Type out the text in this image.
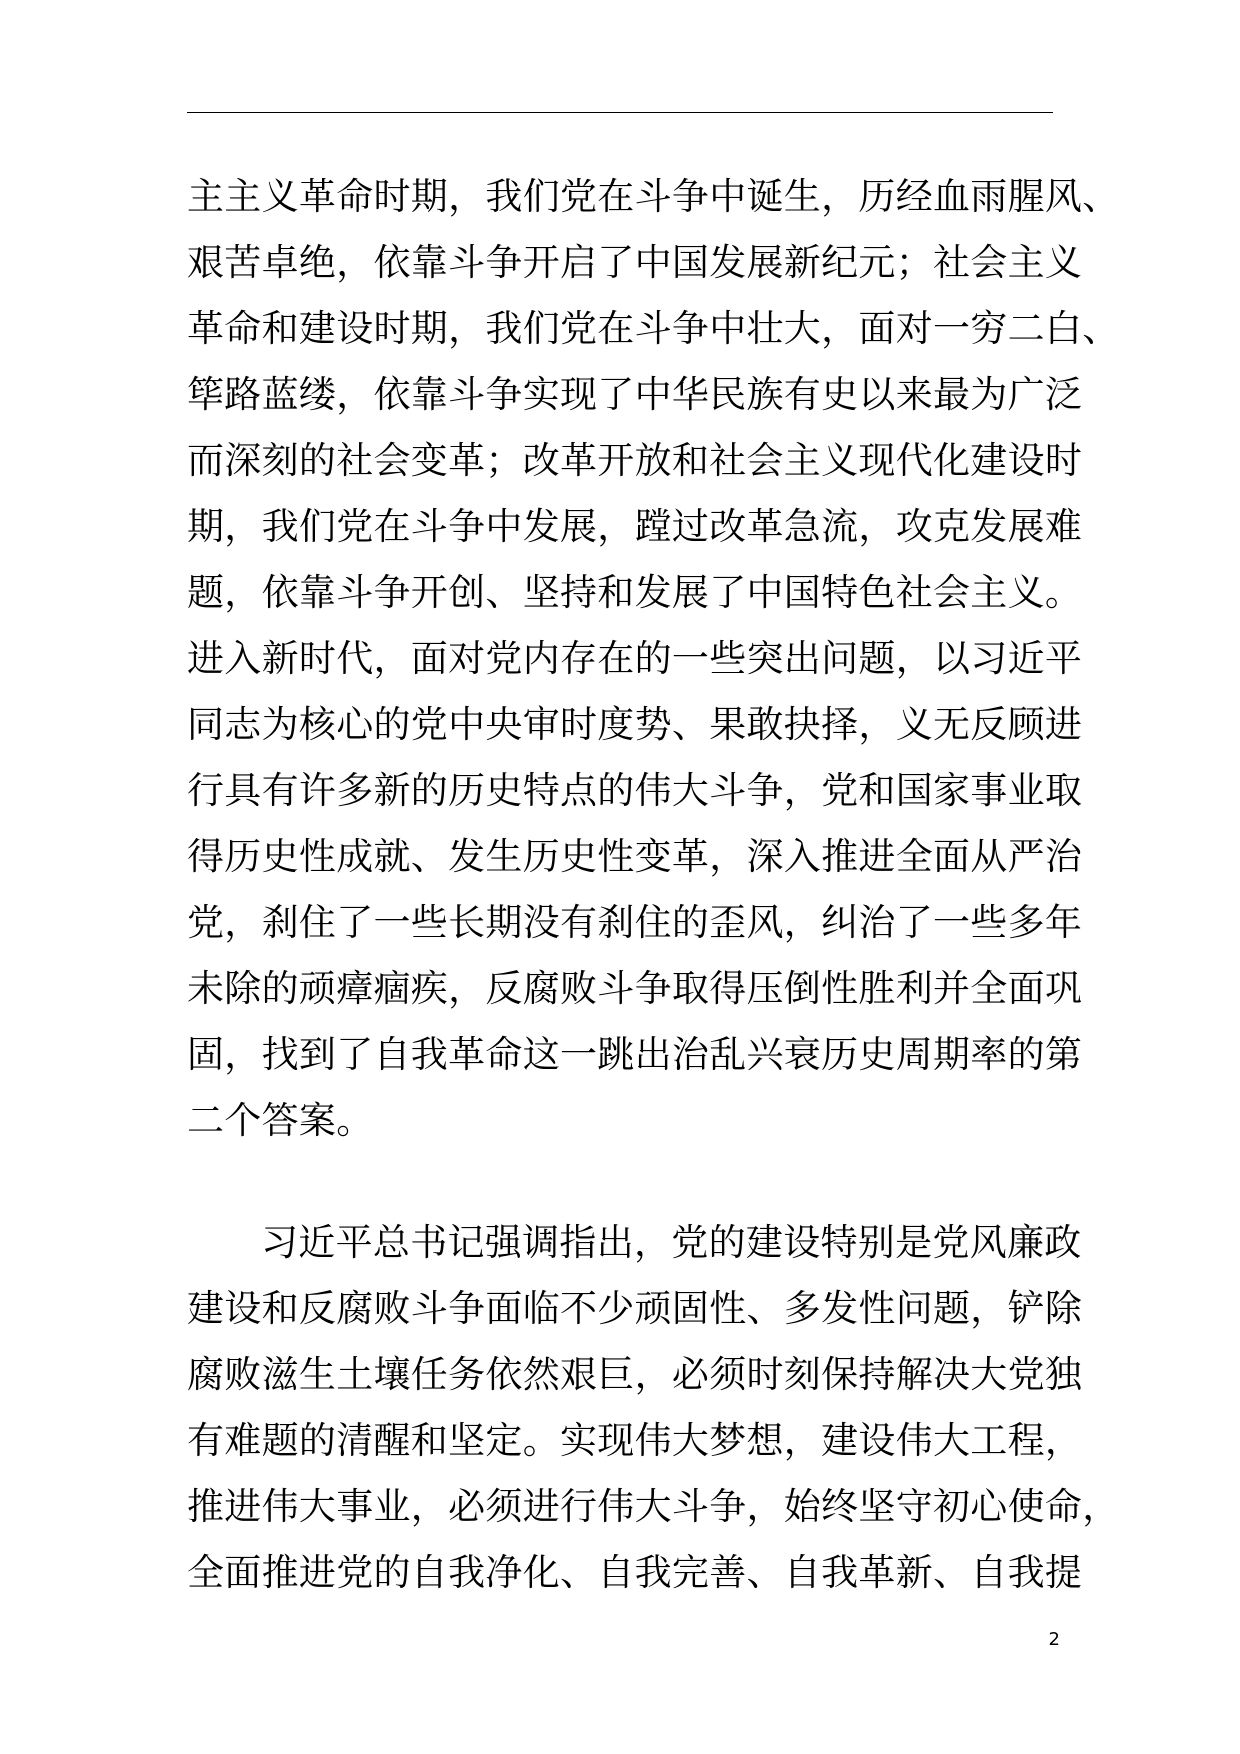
主主义革命时期，我们党在斗争中诞生，历经血雨腥风、
艰苦卓绝，依靠斗争开启了中国发展新纪元；社会主义
革命和建设时期，我们党在斗争中壮大，面对一穷二白、
筚路蓝缕，依靠斗争实现了中华民族有史以来最为广泛
而深刻的社会变革；改革开放和社会主义现代化建设时
期，我们党在斗争中发展，蹚过改革急流，攻克发展难
题，依靠斗争开创、坚持和发展了中国特色社会主义。
进入新时代，面对党内存在的一些突出问题，以习近平
同志为核心的党中央审时度势、果敢抉择，义无反顾进
行具有许多新的历史特点的伟大斗争，党和国家事业取
得历史性成就、发生历史性变革，深入推进全面从严治
党，刹住了一些长期没有刹住的歪风，纠治了一些多年
未除的顽瘴痼疾，反腐败斗争取得压倒性胜利并全面巩
固，找到了自我革命这一跳出治乱兴衰历史周期率的第
二个答案。
习近平总书记强调指出，党的建设特别是党风廉政
建设和反腐败斗争面临不少顽固性、多发性问题，铲除
腐败滋生土壤任务依然艰巨，必须时刻保持解决大党独
有难题的清醒和坚定。实现伟大梦想，建设伟大工程，
推进伟大事业，必须进行伟大斗争，始终坚守初心使命，
全面推进党的自我净化、自我完善、自我革新、自我提
2
